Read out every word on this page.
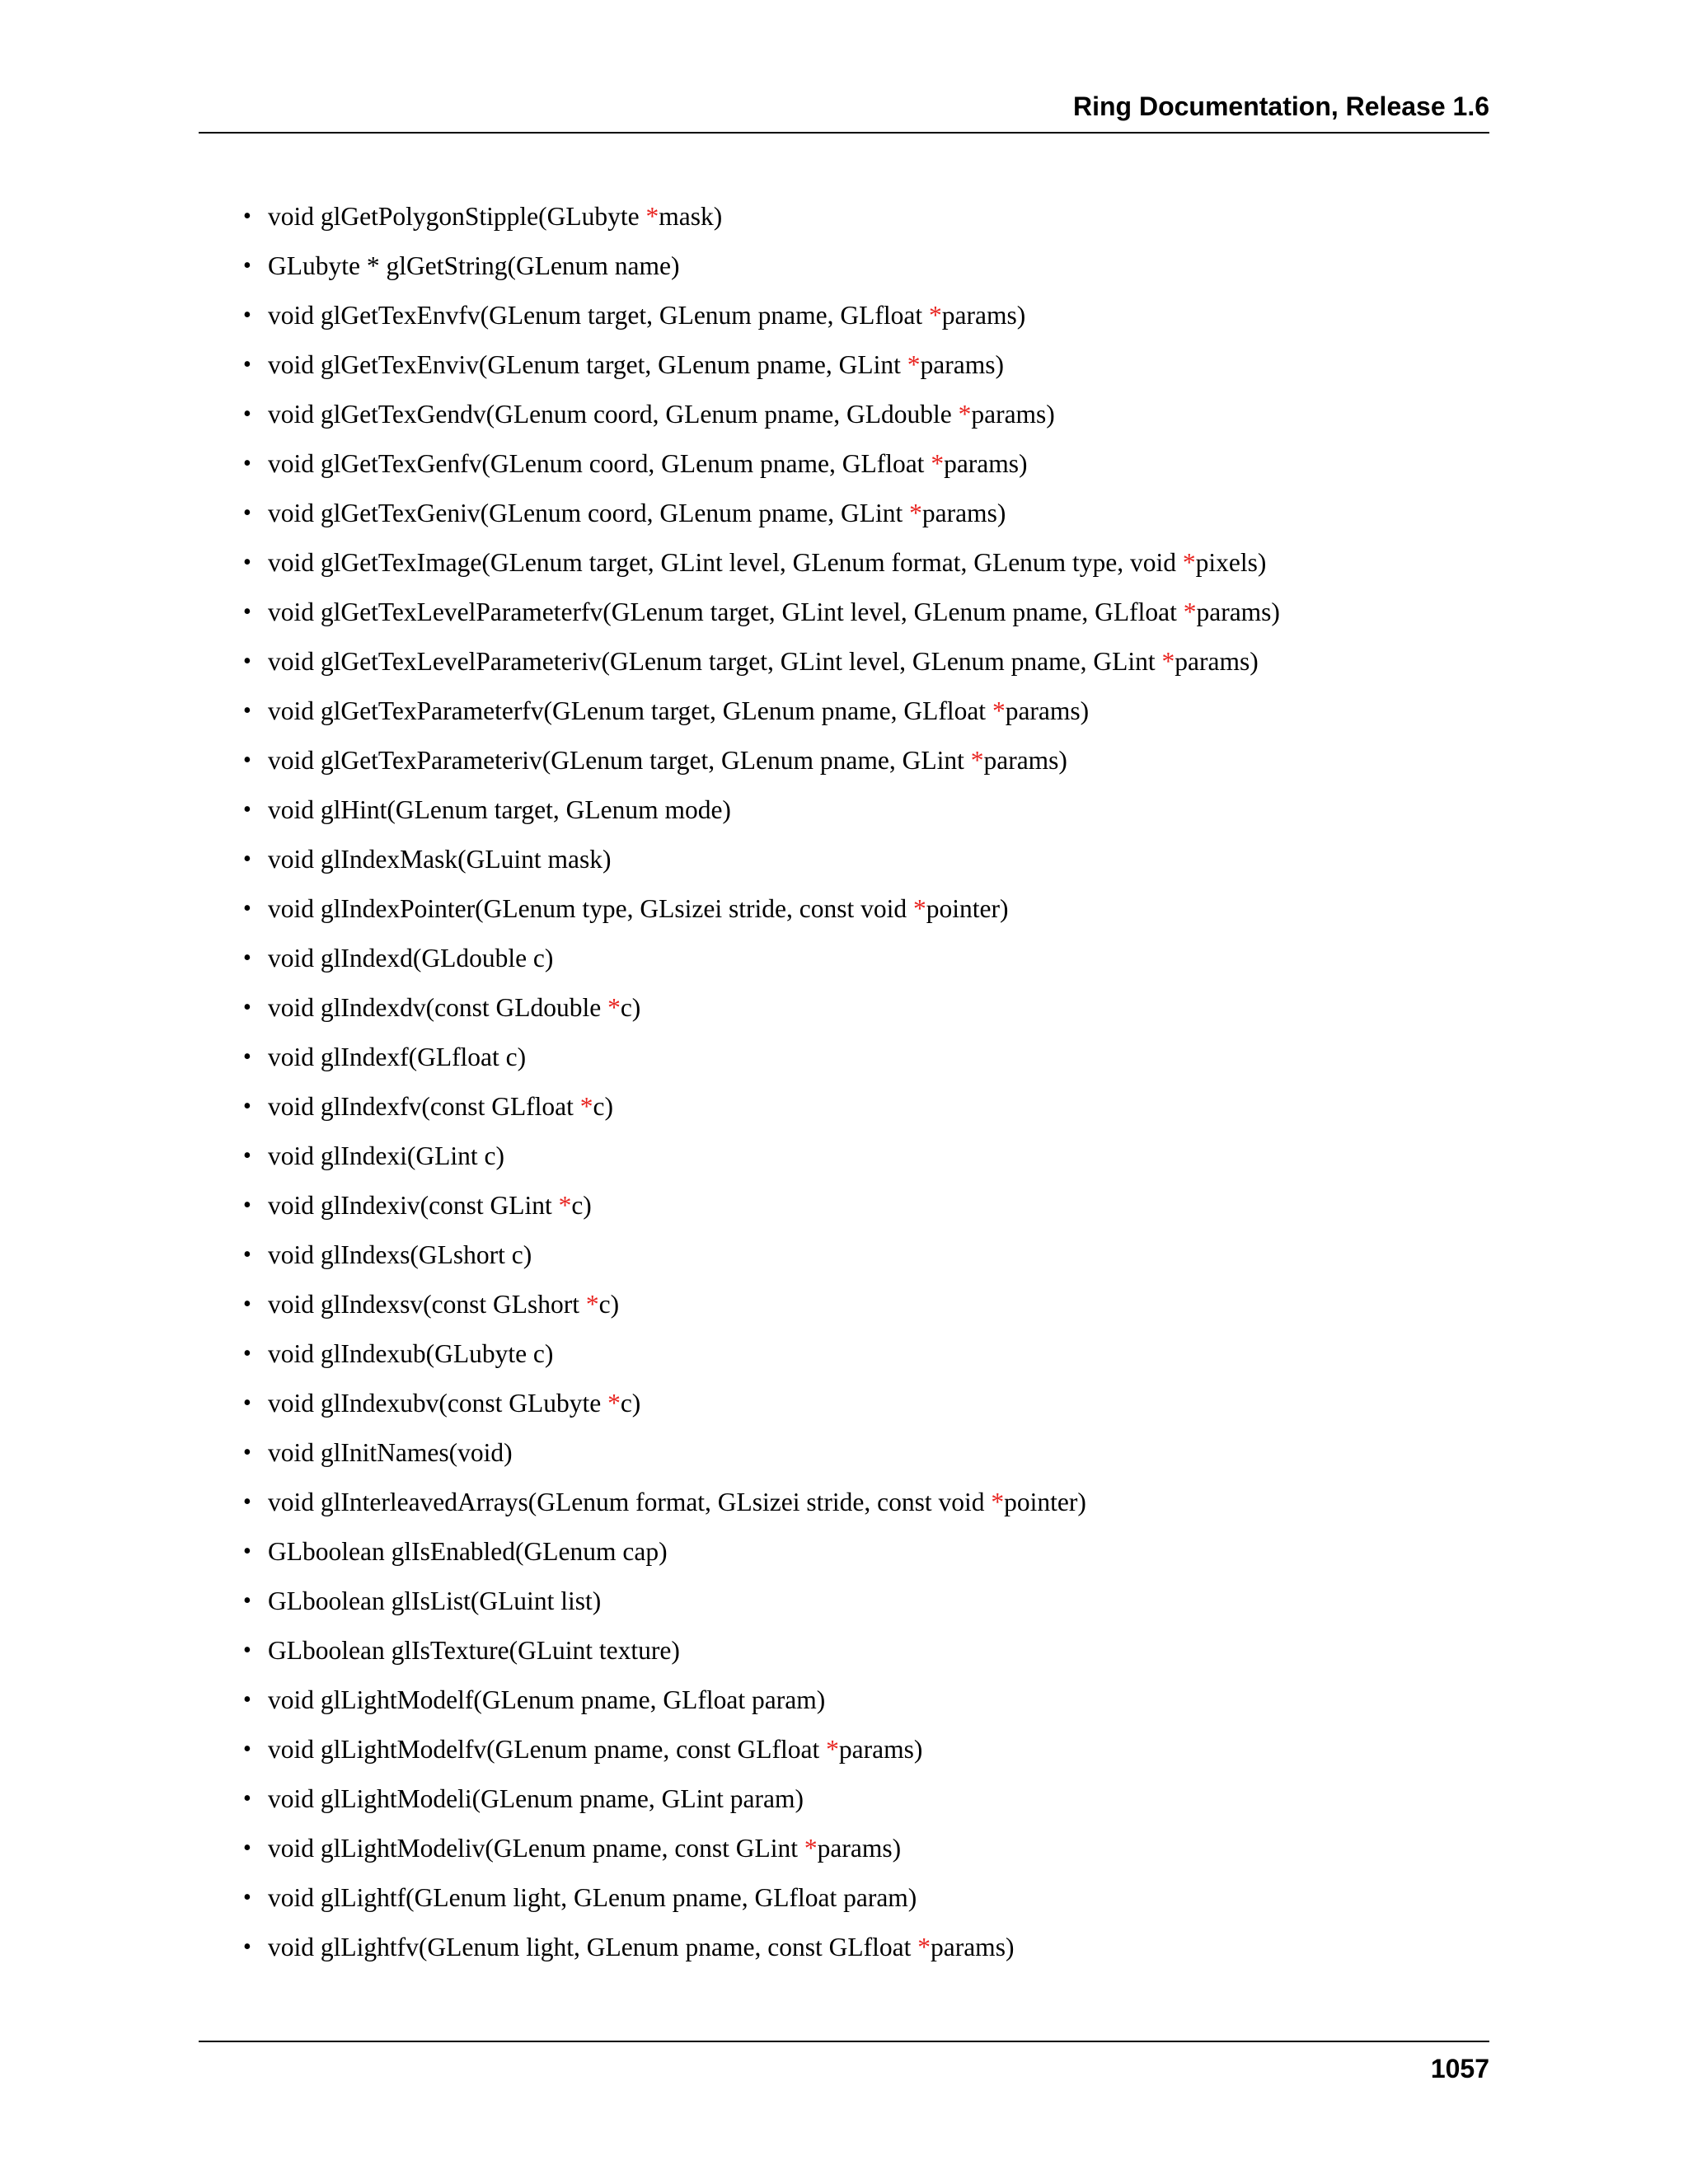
Ring Documentation, Release 1.6
• void glGetPolygonStipple(GLubyte *mask)
• GLubyte * glGetString(GLenum name)
• void glGetTexEnvfv(GLenum target, GLenum pname, GLfloat *params)
• void glGetTexEnviv(GLenum target, GLenum pname, GLint *params)
• void glGetTexGendv(GLenum coord, GLenum pname, GLdouble *params)
• void glGetTexGenfv(GLenum coord, GLenum pname, GLfloat *params)
• void glGetTexGeniv(GLenum coord, GLenum pname, GLint *params)
• void glGetTexImage(GLenum target, GLint level, GLenum format, GLenum type, void *pixels)
• void glGetTexLevelParameterfv(GLenum target, GLint level, GLenum pname, GLfloat *params)
• void glGetTexLevelParameteriv(GLenum target, GLint level, GLenum pname, GLint *params)
• void glGetTexParameterfv(GLenum target, GLenum pname, GLfloat *params)
• void glGetTexParameteriv(GLenum target, GLenum pname, GLint *params)
• void glHint(GLenum target, GLenum mode)
• void glIndexMask(GLuint mask)
• void glIndexPointer(GLenum type, GLsizei stride, const void *pointer)
• void glIndexd(GLdouble c)
• void glIndexdv(const GLdouble *c)
• void glIndexf(GLfloat c)
• void glIndexfv(const GLfloat *c)
• void glIndexi(GLint c)
• void glIndexiv(const GLint *c)
• void glIndexs(GLshort c)
• void glIndexsv(const GLshort *c)
• void glIndexub(GLubyte c)
• void glIndexubv(const GLubyte *c)
• void glInitNames(void)
• void glInterleavedArrays(GLenum format, GLsizei stride, const void *pointer)
• GLboolean glIsEnabled(GLenum cap)
• GLboolean glIsList(GLuint list)
• GLboolean glIsTexture(GLuint texture)
• void glLightModelf(GLenum pname, GLfloat param)
• void glLightModelfv(GLenum pname, const GLfloat *params)
• void glLightModeli(GLenum pname, GLint param)
• void glLightModeliv(GLenum pname, const GLint *params)
• void glLightf(GLenum light, GLenum pname, GLfloat param)
• void glLightfv(GLenum light, GLenum pname, const GLfloat *params)
1057
